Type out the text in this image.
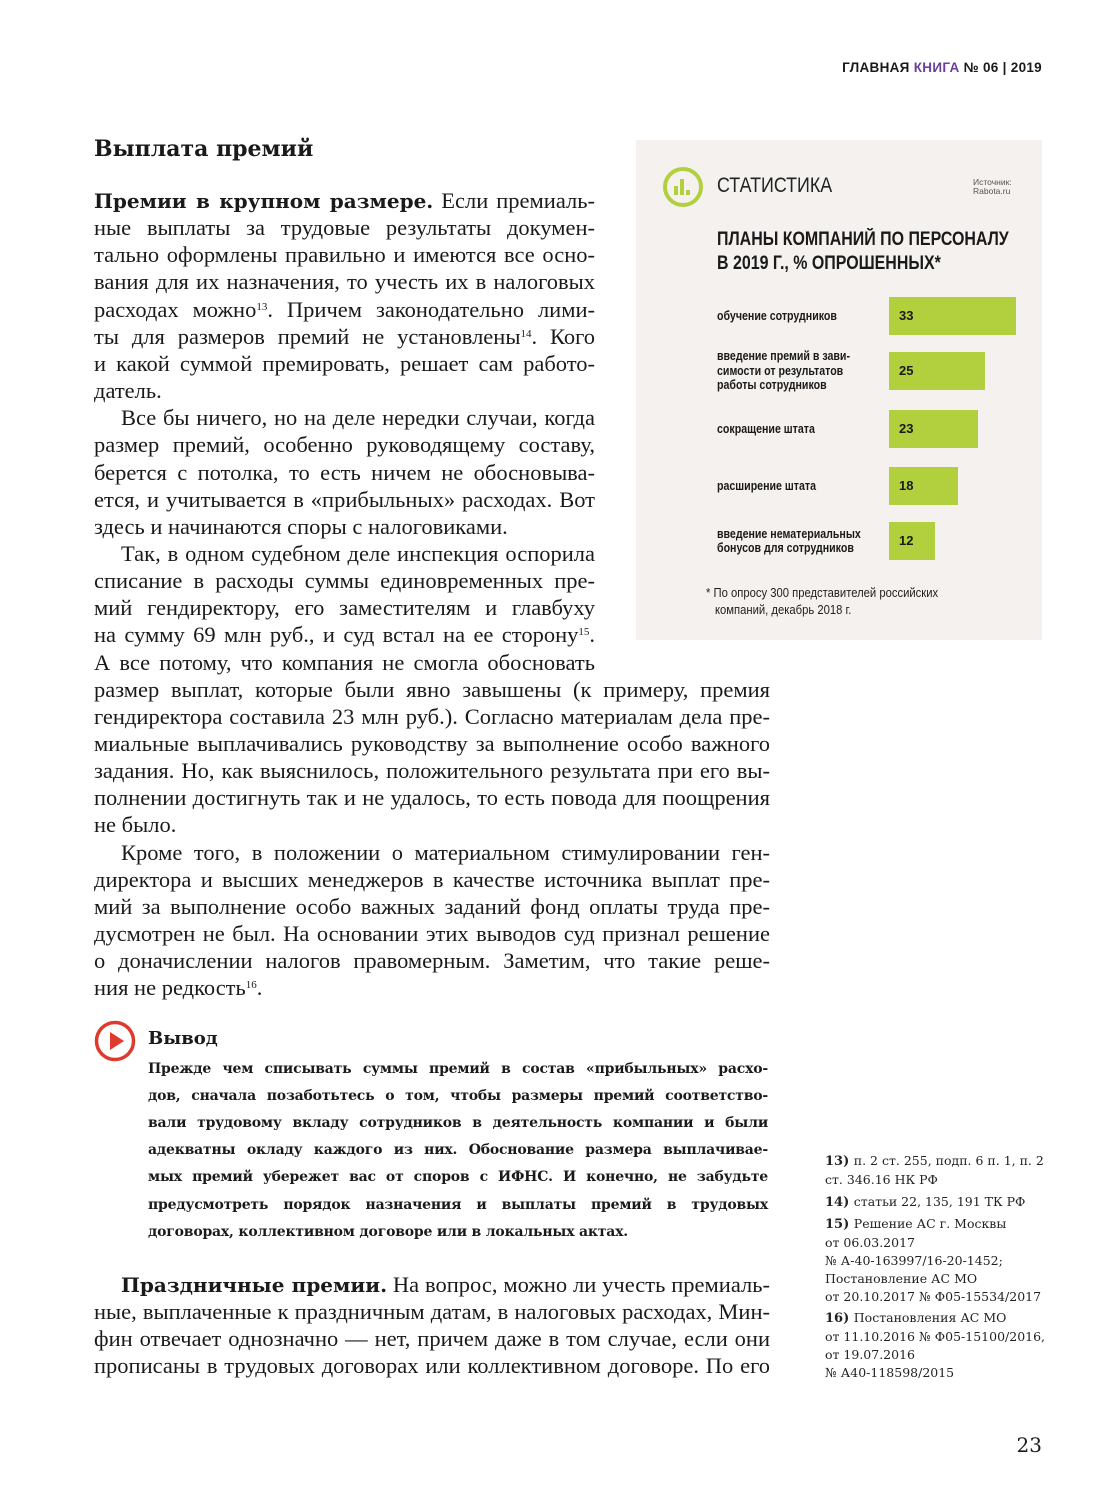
ГЛАВНАЯ КНИГА № 06 | 2019
Выплата премий
Премии в крупном размере. Если премиаль-
ные выплаты за трудовые результаты докумен-
тально оформлены правильно и имеются все осно-
вания для их назначения, то учесть их в налоговых
расходах можно$^{13}$. Причем законодательно лими-
ты для размеров премий не установлены$^{14}$. Кого
и какой суммой премировать, решает сам работо-
датель.
Все бы ничего, но на деле нередки случаи, когда
размер премий, особенно руководящему составу,
берется с потолка, то есть ничем не обосновыва-
ется, и учитывается в «прибыльных» расходах. Вот
здесь и начинаются споры с налоговиками.
Так, в одном судебном деле инспекция оспорила
списание в расходы суммы единовременных пре-
мий гендиректору, его заместителям и главбуху
на сумму 69 млн руб., и суд встал на ее сторону$^{15}$.
А все потому, что компания не смогла обосновать
размер выплат, которые были явно завышены (к примеру, премия
гендиректора составила 23 млн руб.). Согласно материалам дела пре-
миальные выплачивались руководству за выполнение особо важного
задания. Но, как выяснилось, положительного результата при его вы-
полнении достигнуть так и не удалось, то есть повода для поощрения
не было.
Кроме того, в положении о материальном стимулировании ген-
директора и высших менеджеров в качестве источника выплат пре-
мий за выполнение особо важных заданий фонд оплаты труда пре-
дусмотрен не был. На основании этих выводов суд признал решение
о доначислении налогов правомерным. Заметим, что такие реше-
ния не редкость$^{16}$.
Праздничные премии. На вопрос, можно ли учесть премиаль-
ные, выплаченные к праздничным датам, в налоговых расходах, Мин-
фин отвечает однозначно — нет, причем даже в том случае, если они
прописаны в трудовых договорах или коллективном договоре. По его
Вывод
Прежде чем списывать суммы премий в состав «прибыльных» расхо-
дов, сначала позаботьтесь о том, чтобы размеры премий соответство-
вали трудовому вкладу сотрудников в деятельность компании и были
адекватны окладу каждого из них. Обоснование размера выплачивае-
мых премий убережет вас от споров с ИФНС. И конечно, не забудьте
предусмотреть порядок назначения и выплаты премий в трудовых
договорах, коллективном договоре или в локальных актах.
СТАТИСТИКА	Источник:
Rabota.ru
ПЛАНЫ КОМПАНИЙ ПО ПЕРСОНАЛУ
В 2019 Г., % ОПРОШЕННЫХ*
обучение сотрудников	33
введение премий в зави-
симости от результатов
работы сотрудников
25
сокращение штата	23
расширение штата	18
введение нематериальных
бонусов для сотрудников	12
* По опросу 300 представителей российских
компаний, декабрь 2018 г.
13) п. 2 ст. 255, подп. 6 п. 1, п. 2
ст. 346.16 НК РФ
14) статьи 22, 135, 191 ТК РФ
15) Решение АС г. Москвы
от 06.03.2017
№ А-40-163997/16-20-1452;
Постановление АС МО
от 20.10.2017 № Ф05-15534/2017
16) Постановления АС МО
от 11.10.2016 № Ф05-15100/2016,
от 19.07.2016
№ А40-118598/2015
23
